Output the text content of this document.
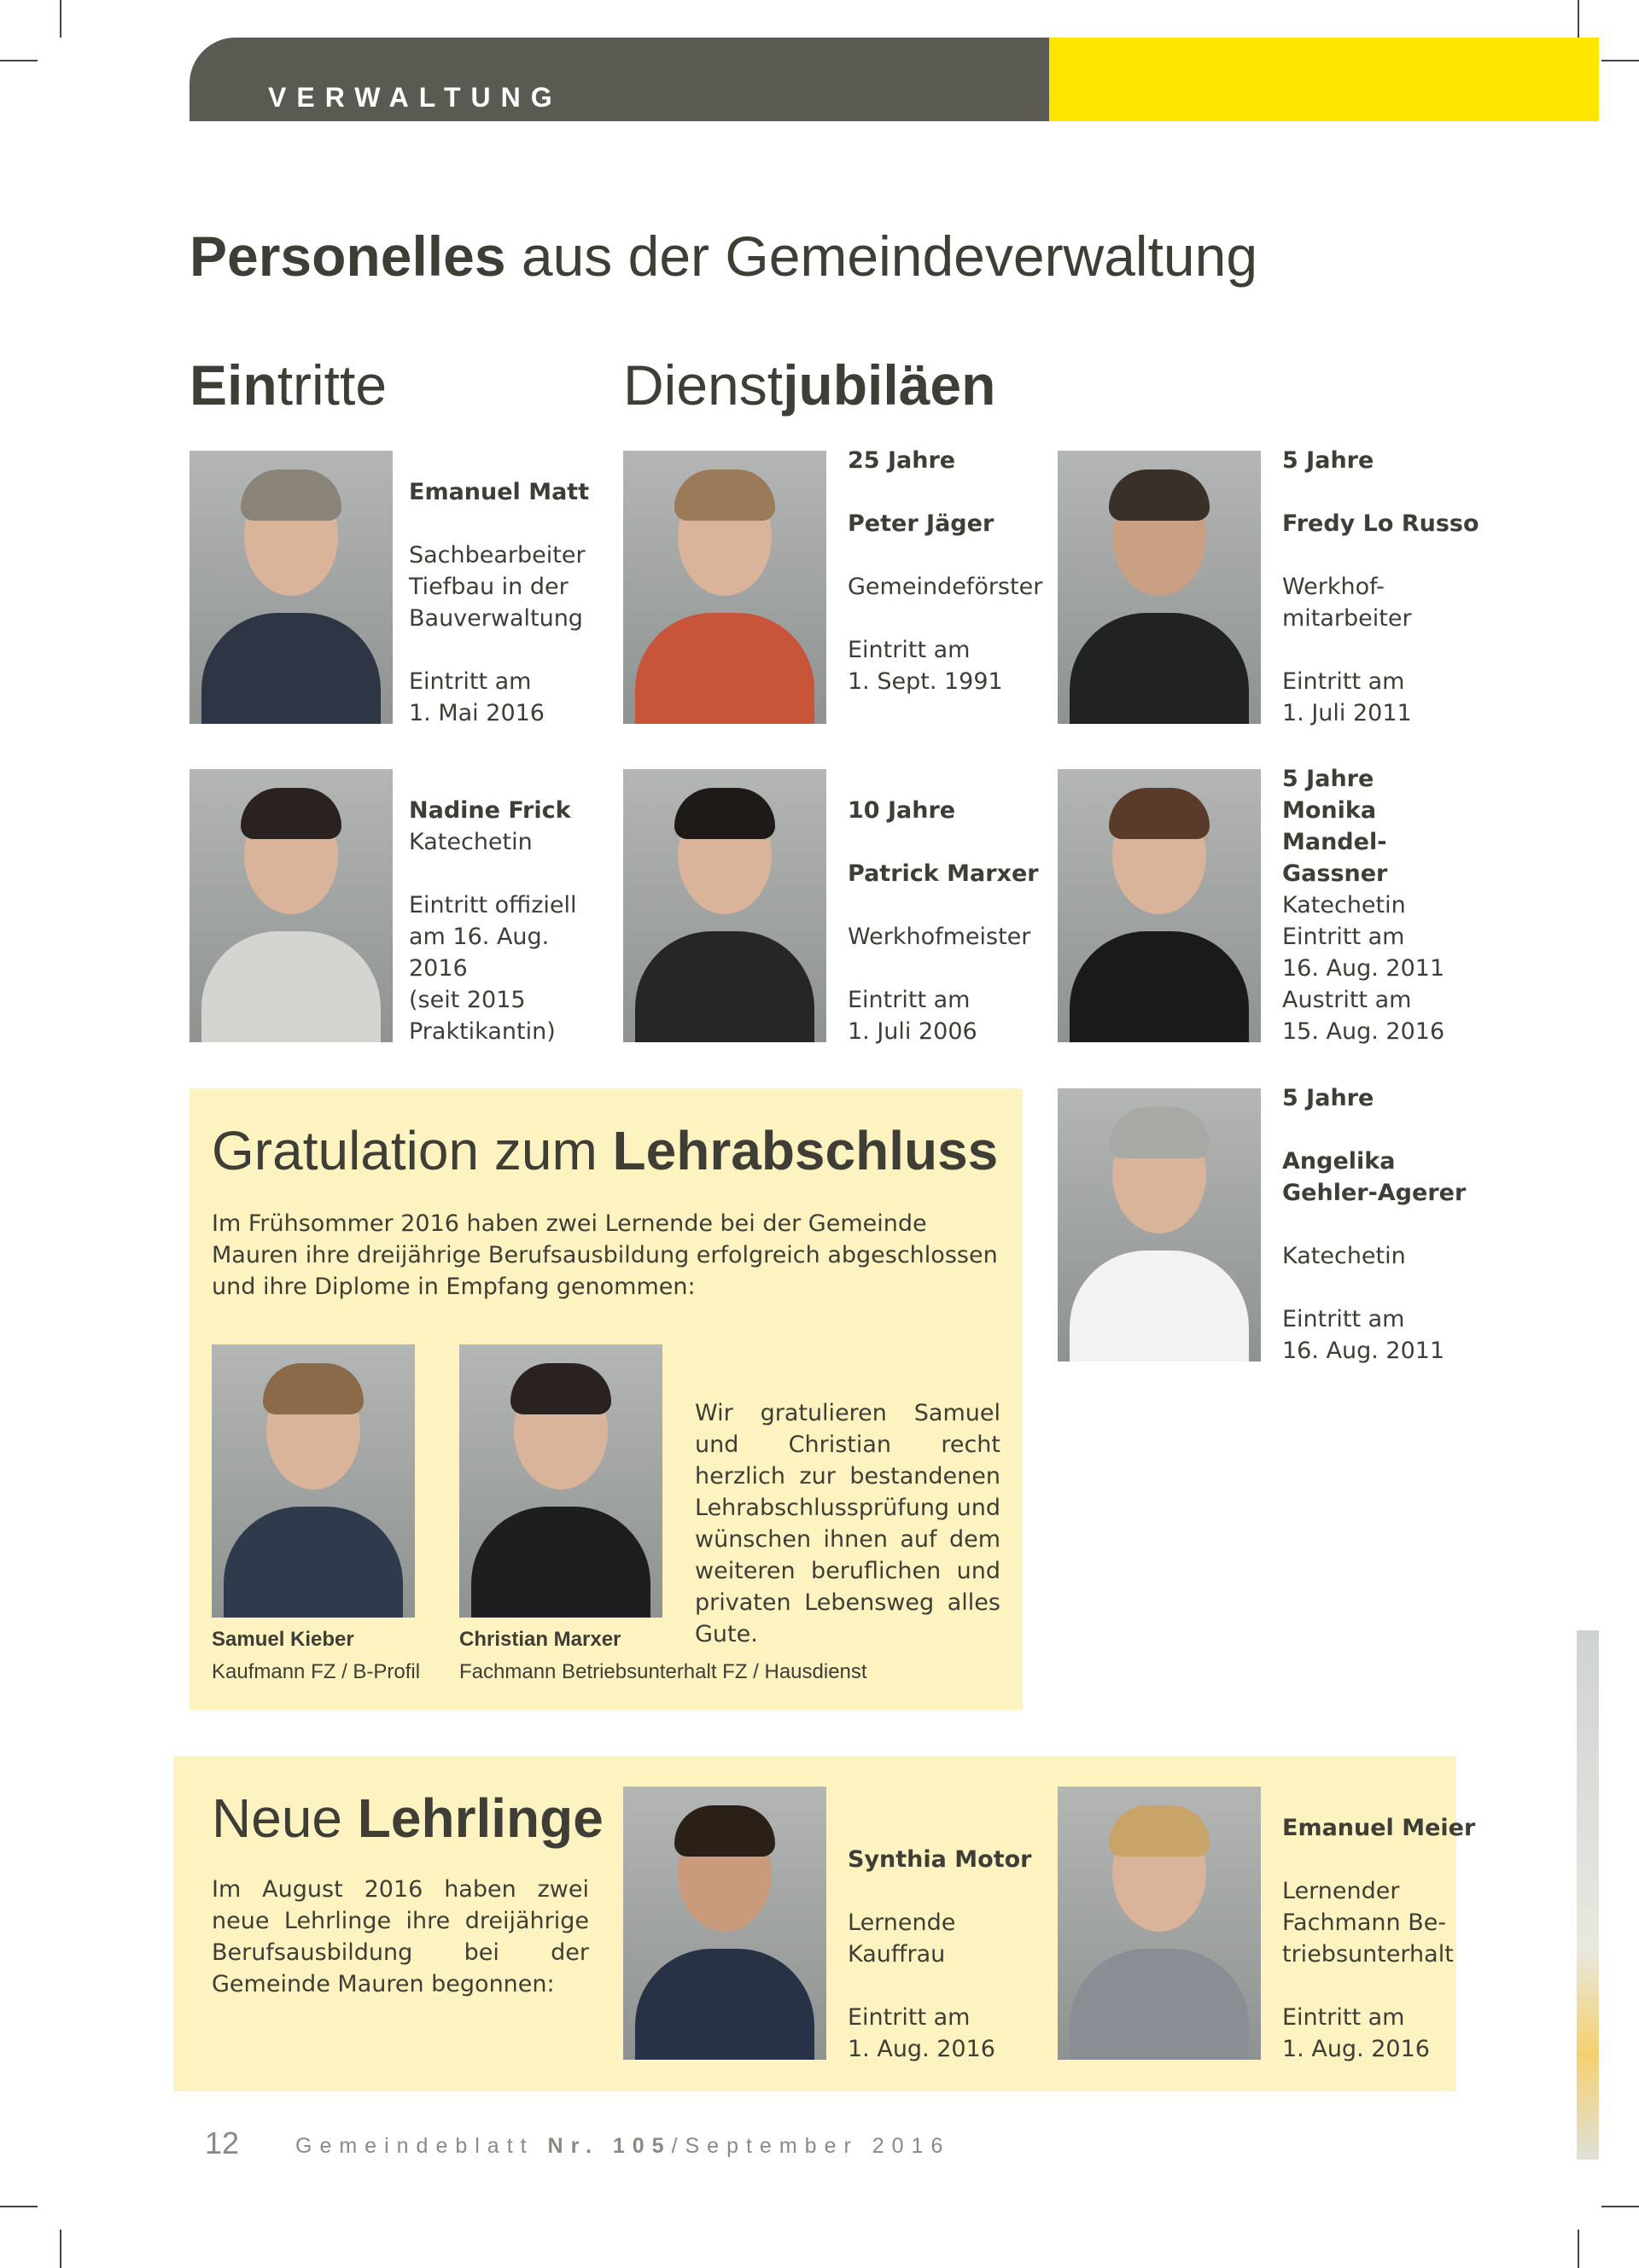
VERWALTUNG
Personelles aus der Gemeindeverwaltung
Eintritte	Dienstjubiläen
Emanuel Matt
Sachbearbeiter
Tiefbau in der
Bauverwaltung
Eintritt am
1. Mai 2016
Nadine Frick
Katechetin
Eintritt offiziell
am 16. Aug.
2016
(seit 2015
Praktikantin)
25 Jahre
Peter Jäger
Gemeindeförster
Eintritt am
1. Sept. 1991
5 Jahre
Fredy Lo Russo
Werkhof-
mitarbeiter
Eintritt am
1. Juli 2011
10 Jahre
Patrick Marxer
Werkhofmeister
Eintritt am
1. Juli 2006
5 Jahre
Monika
Mandel-
Gassner
Katechetin
Eintritt am
16. Aug. 2011
Austritt am
15. Aug. 2016
5 Jahre
Angelika
Gehler-Agerer
Katechetin
Eintritt am
16. Aug. 2011
Gratulation zum Lehrabschluss
Im Frühsommer 2016 haben zwei Lernende bei der Gemeinde Mauren ihre dreijährige Berufsausbildung erfolgreich abgeschlossen und ihre Diplome in Empfang genommen:
Wir gratulieren Samuel und Christian recht herzlich zur bestandenen Lehrabschlussprüfung und wünschen ihnen auf dem weiteren beruflichen und privaten Lebensweg alles Gute.
Samuel Kieber
Kaufmann FZ / B-Profil
Christian Marxer
Fachmann Betriebsunterhalt FZ / Hausdienst
Neue Lehrlinge
Im August 2016 haben zwei neue Lehrlinge ihre dreijährige Berufsausbildung bei der Gemeinde Mauren begonnen:
Synthia Motor
Lernende
Kauffrau
Eintritt am
1. Aug. 2016
Emanuel Meier
Lernender
Fachmann Be-
triebsunterhalt
Eintritt am
1. Aug. 2016
12	Gemeindeblatt Nr. 105/September 2016
